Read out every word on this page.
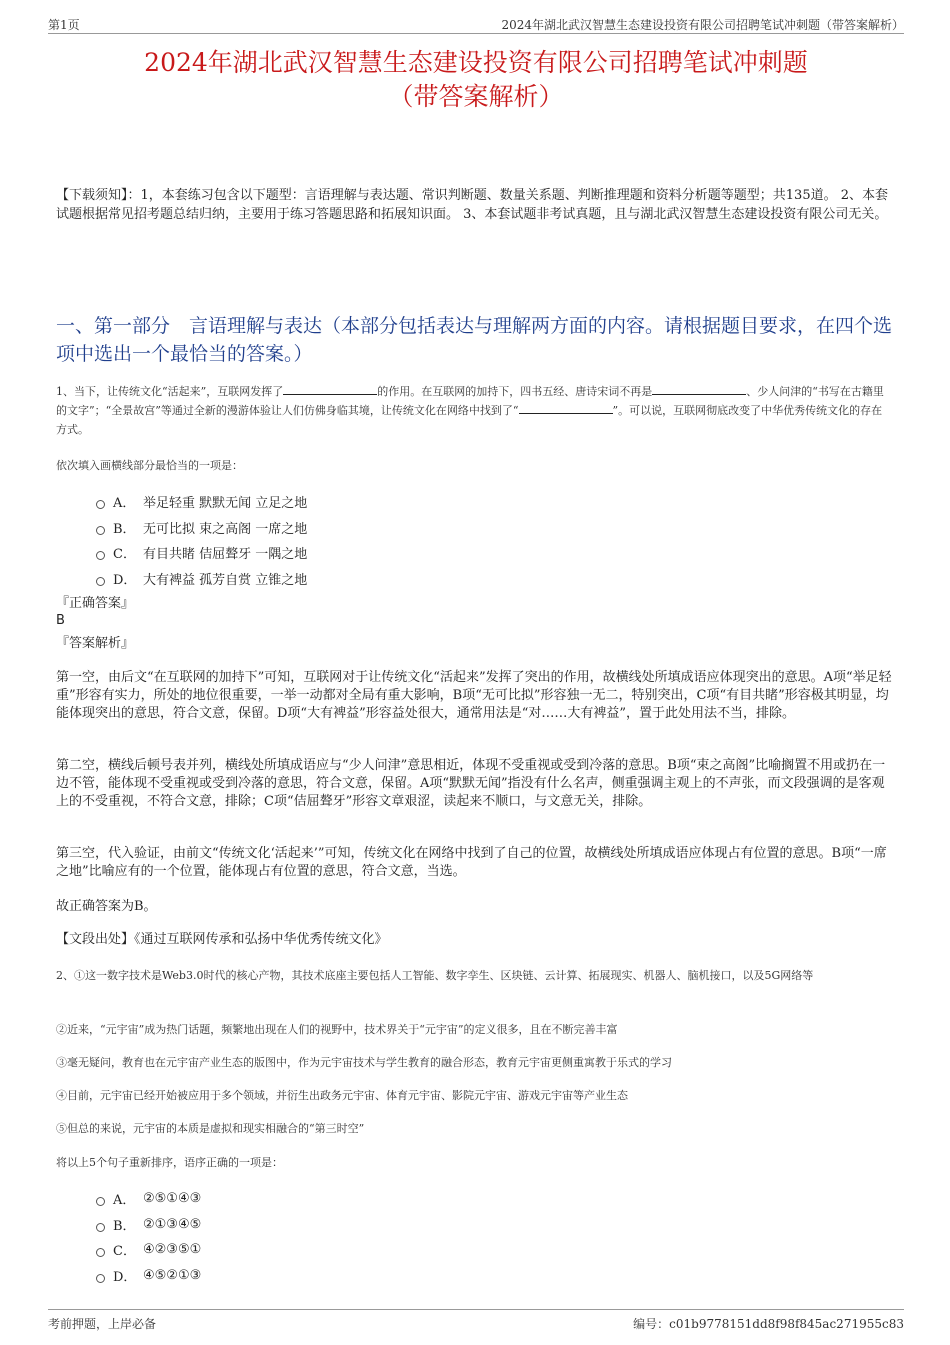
第1页	2024年湖北武汉智慧生态建设投资有限公司招聘笔试冲刺题（带答案解析）
2024年湖北武汉智慧生态建设投资有限公司招聘笔试冲刺题
（带答案解析）
【下载须知】：1，本套练习包含以下题型：言语理解与表达题、常识判断题、数量关系题、判断推理题和资料分析题等题型；共135道。 2、本套试题根据常见招考题总结归纳，主要用于练习答题思路和拓展知识面。 3、本套试题非考试真题，且与湖北武汉智慧生态建设投资有限公司无关。
一、第一部分　言语理解与表达（本部分包括表达与理解两方面的内容。请根据题目要求，在四个选项中选出一个最恰当的答案。）
1、当下，让传统文化“活起来”，互联网发挥了	的作用。在互联网的加持下，四书五经、唐诗宋词不再是	、少人问津的“书写在古籍里的文字”；“全景故宫”等通过全新的漫游体验让人们仿佛身临其境，让传统文化在网络中找到了“	”。可以说，互联网彻底改变了中华优秀传统文化的存在方式。
依次填入画横线部分最恰当的一项是：
A． 举足轻重 默默无闻 立足之地
B． 无可比拟 束之高阁 一席之地
C． 有目共睹 佶屈聱牙 一隅之地
D． 大有裨益 孤芳自赏 立锥之地
『正确答案』
B
『答案解析』
第一空，由后文“在互联网的加持下”可知，互联网对于让传统文化“活起来”发挥了突出的作用，故横线处所填成语应体现突出的意思。A项“举足轻重”形容有实力，所处的地位很重要，一举一动都对全局有重大影响，B项“无可比拟”形容独一无二，特别突出，C项“有目共睹”形容极其明显，均能体现突出的意思，符合文意，保留。D项“大有裨益”形容益处很大，通常用法是“对……大有裨益”，置于此处用法不当，排除。
第二空，横线后顿号表并列，横线处所填成语应与“少人问津”意思相近，体现不受重视或受到冷落的意思。B项“束之高阁”比喻搁置不用或扔在一边不管，能体现不受重视或受到冷落的意思，符合文意，保留。A项“默默无闻”指没有什么名声，侧重强调主观上的不声张，而文段强调的是客观上的不受重视，不符合文意，排除；C项“佶屈聱牙”形容文章艰涩，读起来不顺口，与文意无关，排除。
第三空，代入验证，由前文“传统文化‘活起来’”可知，传统文化在网络中找到了自己的位置，故横线处所填成语应体现占有位置的意思。B项“一席之地”比喻应有的一个位置，能体现占有位置的意思，符合文意，当选。
故正确答案为B。
【文段出处】《通过互联网传承和弘扬中华优秀传统文化》
2、①这一数字技术是Web3.0时代的核心产物，其技术底座主要包括人工智能、数字孪生、区块链、云计算、拓展现实、机器人、脑机接口，以及5G网络等
②近来，“元宇宙”成为热门话题，频繁地出现在人们的视野中，技术界关于“元宇宙”的定义很多，且在不断完善丰富
③毫无疑问，教育也在元宇宙产业生态的版图中，作为元宇宙技术与学生教育的融合形态，教育元宇宙更侧重寓教于乐式的学习
④目前，元宇宙已经开始被应用于多个领域，并衍生出政务元宇宙、体育元宇宙、影院元宇宙、游戏元宇宙等产业生态
⑤但总的来说，元宇宙的本质是虚拟和现实相融合的“第三时空”
将以上5个句子重新排序，语序正确的一项是：
A． ②⑤①④③
B． ②①③④⑤
C． ④②③⑤①
D． ④⑤②①③
考前押题，上岸必备	编号：c01b9778151dd8f98f845ac271955c83
